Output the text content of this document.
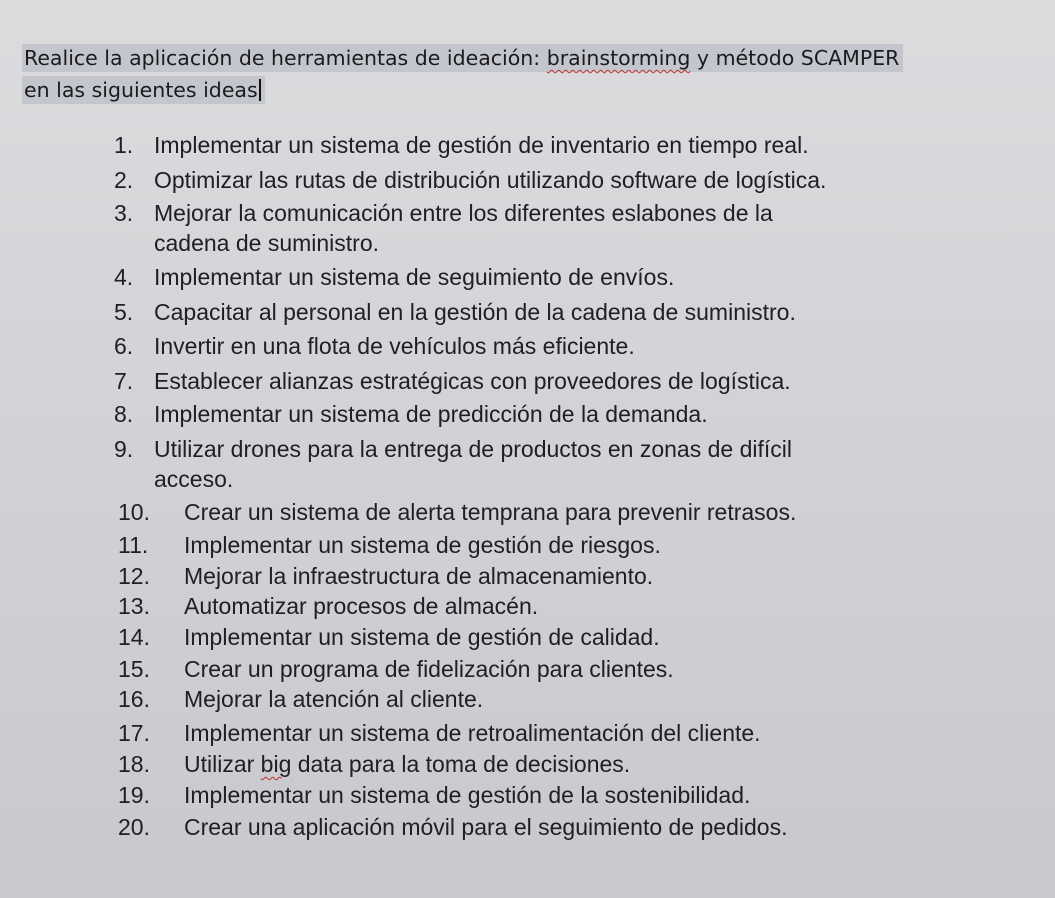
Realice la aplicación de herramientas de ideación: brainstorming y método SCAMPER
en las siguientes ideas
1. Implementar un sistema de gestión de inventario en tiempo real.
2. Optimizar las rutas de distribución utilizando software de logística.
3. Mejorar la comunicación entre los diferentes eslabones de la
cadena de suministro.
4. Implementar un sistema de seguimiento de envíos.
5. Capacitar al personal en la gestión de la cadena de suministro.
6. Invertir en una flota de vehículos más eficiente.
7. Establecer alianzas estratégicas con proveedores de logística.
8. Implementar un sistema de predicción de la demanda.
9. Utilizar drones para la entrega de productos en zonas de difícil
acceso.
10. Crear un sistema de alerta temprana para prevenir retrasos.
11. Implementar un sistema de gestión de riesgos.
12. Mejorar la infraestructura de almacenamiento.
13. Automatizar procesos de almacén.
14. Implementar un sistema de gestión de calidad.
15. Crear un programa de fidelización para clientes.
16. Mejorar la atención al cliente.
17. Implementar un sistema de retroalimentación del cliente.
18. Utilizar big data para la toma de decisiones.
19. Implementar un sistema de gestión de la sostenibilidad.
20. Crear una aplicación móvil para el seguimiento de pedidos.
